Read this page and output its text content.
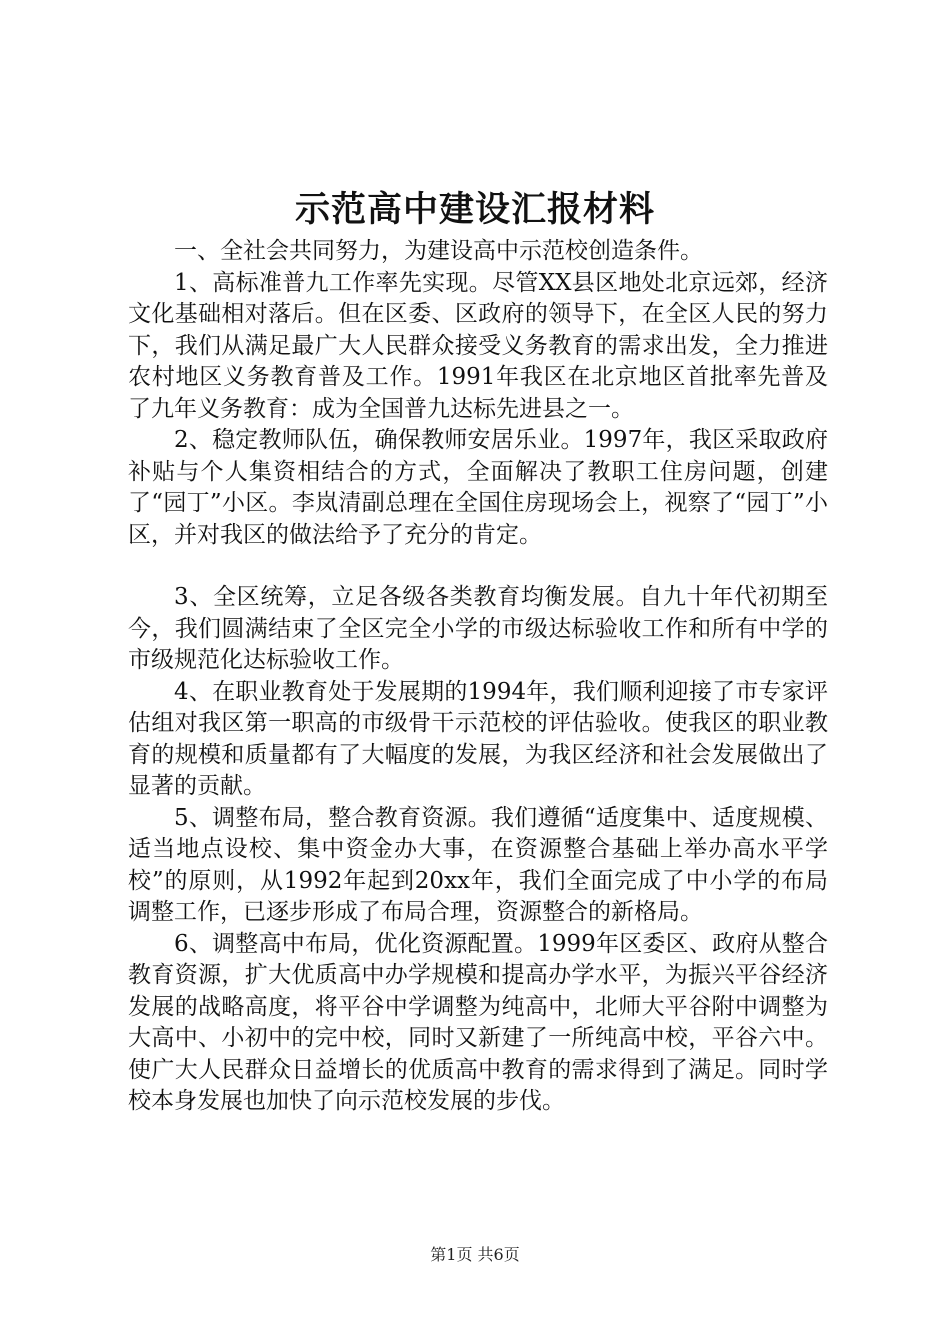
示范高中建设汇报材料

一、全社会共同努力，为建设高中示范校创造条件。

1、高标准普九工作率先实现。尽管XX县区地处北京远郊，经济文化基础相对落后。但在区委、区政府的领导下，在全区人民的努力下，我们从满足最广大人民群众接受义务教育的需求出发，全力推进农村地区义务教育普及工作。1991年我区在北京地区首批率先普及了九年义务教育：成为全国普九达标先进县之一。

2、稳定教师队伍，确保教师安居乐业。1997年，我区采取政府补贴与个人集资相结合的方式，全面解决了教职工住房问题，创建了“园丁”小区。李岚清副总理在全国住房现场会上，视察了“园丁”小区，并对我区的做法给予了充分的肯定。

3、全区统筹，立足各级各类教育均衡发展。自九十年代初期至今，我们圆满结束了全区完全小学的市级达标验收工作和所有中学的市级规范化达标验收工作。

4、在职业教育处于发展期的1994年，我们顺利迎接了市专家评估组对我区第一职高的市级骨干示范校的评估验收。使我区的职业教育的规模和质量都有了大幅度的发展，为我区经济和社会发展做出了显著的贡献。

5、调整布局，整合教育资源。我们遵循“适度集中、适度规模、适当地点设校、集中资金办大事，在资源整合基础上举办高水平学校”的原则，从1992年起到20xx年，我们全面完成了中小学的布局调整工作，已逐步形成了布局合理，资源整合的新格局。

6、调整高中布局，优化资源配置。1999年区委区、政府从整合教育资源，扩大优质高中办学规模和提高办学水平，为振兴平谷经济发展的战略高度，将平谷中学调整为纯高中，北师大平谷附中调整为大高中、小初中的完中校，同时又新建了一所纯高中校，平谷六中。使广大人民群众日益增长的优质高中教育的需求得到了满足。同时学校本身发展也加快了向示范校发展的步伐。

第1页 共6页
